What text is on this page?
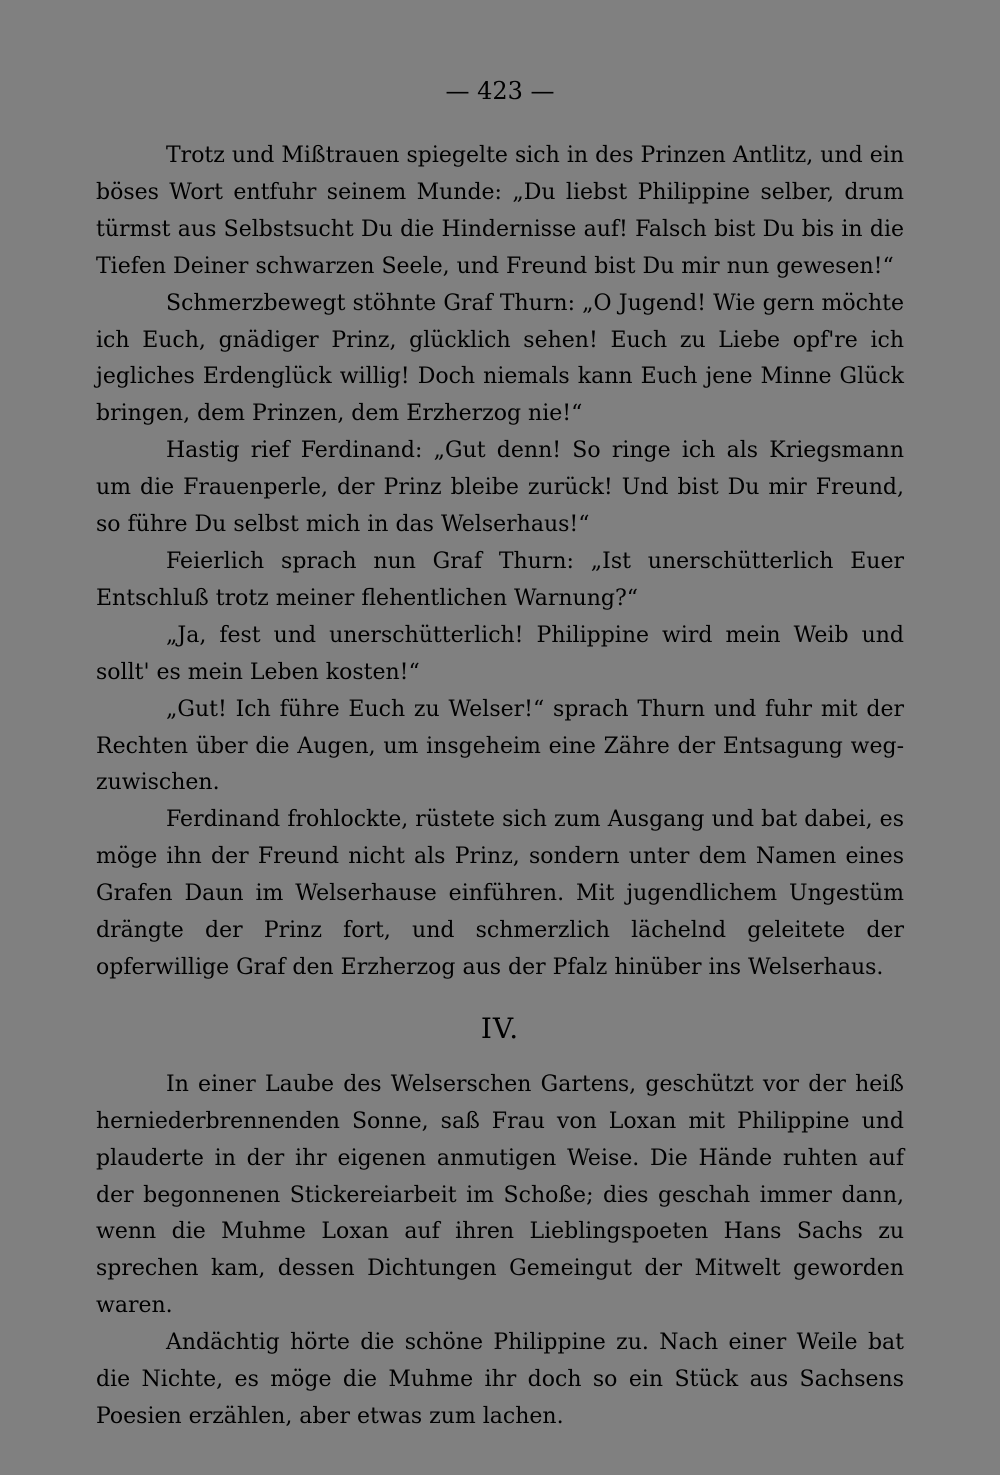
— 423 —

Trotz und Mißtrauen spiegelte sich in des Prinzen Antlitz, und ein böses Wort entfuhr seinem Munde: „Du liebst Philippine selber, drum türmst aus Selbstsucht Du die Hindernisse auf! Falsch bist Du bis in die Tiefen Deiner schwarzen Seele, und Freund bist Du mir nun gewesen!“

Schmerzbewegt stöhnte Graf Thurn: „O Jugend! Wie gern möchte ich Euch, gnädiger Prinz, glücklich sehen! Euch zu Liebe opf're ich jegliches Erdenglück willig! Doch niemals kann Euch jene Minne Glück bringen, dem Prinzen, dem Erzherzog nie!“

Hastig rief Ferdinand: „Gut denn! So ringe ich als Kriegsmann um die Frauenperle, der Prinz bleibe zurück! Und bist Du mir Freund, so führe Du selbst mich in das Welserhaus!“

Feierlich sprach nun Graf Thurn: „Ist unerschütterlich Euer Entschluß trotz meiner flehentlichen Warnung?“

„Ja, fest und unerschütterlich! Philippine wird mein Weib und sollt' es mein Leben kosten!“

„Gut! Ich führe Euch zu Welser!“ sprach Thurn und fuhr mit der Rechten über die Augen, um insgeheim eine Zähre der Entsagung wegzuwischen.

Ferdinand frohlockte, rüstete sich zum Ausgang und bat dabei, es möge ihn der Freund nicht als Prinz, sondern unter dem Namen eines Grafen Daun im Welserhause einführen. Mit jugendlichem Ungestüm drängte der Prinz fort, und schmerzlich lächelnd geleitete der opferwillige Graf den Erzherzog aus der Pfalz hinüber ins Welserhaus.

IV.

In einer Laube des Welserschen Gartens, geschützt vor der heiß herniederbrennenden Sonne, saß Frau von Loxan mit Philippine und plauderte in der ihr eigenen anmutigen Weise. Die Hände ruhten auf der begonnenen Stickereiarbeit im Schoße; dies geschah immer dann, wenn die Muhme Loxan auf ihren Lieblingspoeten Hans Sachs zu sprechen kam, dessen Dichtungen Gemeingut der Mitwelt geworden waren.

Andächtig hörte die schöne Philippine zu. Nach einer Weile bat die Nichte, es möge die Muhme ihr doch so ein Stück aus Sachsens Poesien erzählen, aber etwas zum lachen.
